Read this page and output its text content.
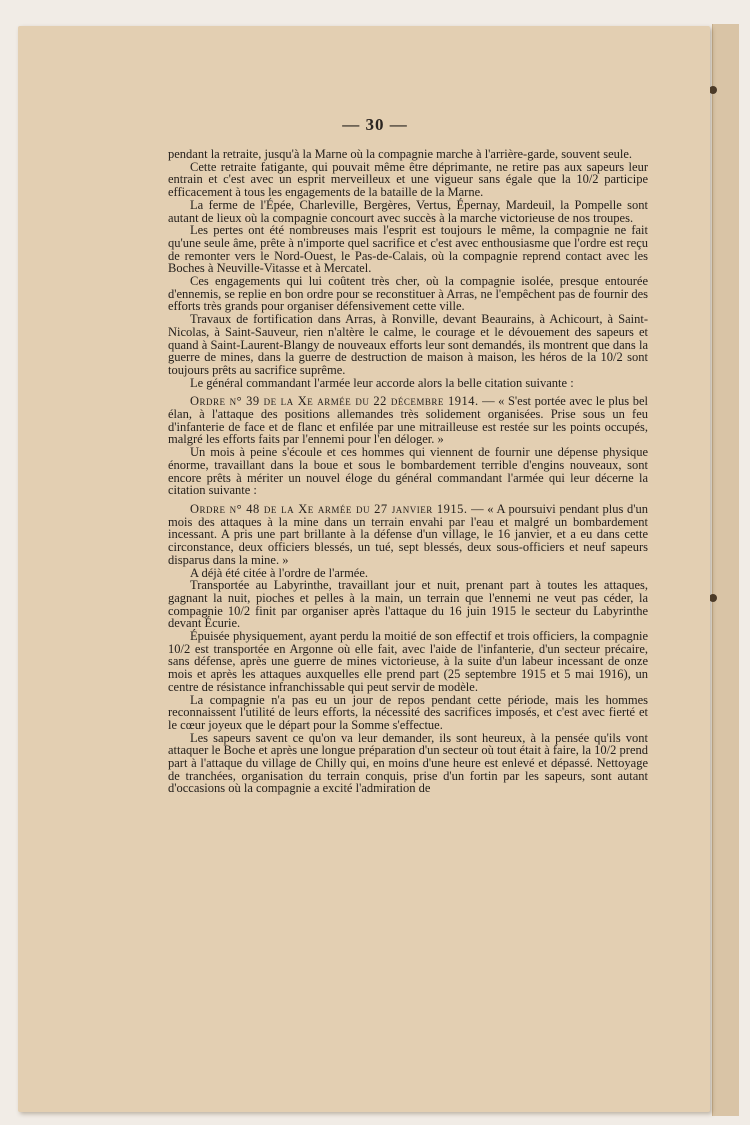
— 30 —

pendant la retraite, jusqu'à la Marne où la compagnie marche à l'arrière-garde, souvent seule.

Cette retraite fatigante, qui pouvait même être déprimante, ne retire pas aux sapeurs leur entrain et c'est avec un esprit merveilleux et une vigueur sans égale que la 10/2 participe efficacement à tous les engagements de la bataille de la Marne.

La ferme de l'Épée, Charleville, Bergères, Vertus, Épernay, Mardeuil, la Pompelle sont autant de lieux où la compagnie concourt avec succès à la marche victorieuse de nos troupes.

Les pertes ont été nombreuses mais l'esprit est toujours le même, la compagnie ne fait qu'une seule âme, prête à n'importe quel sacrifice et c'est avec enthousiasme que l'ordre est reçu de remonter vers le Nord-Ouest, le Pas-de-Calais, où la compagnie reprend contact avec les Boches à Neuville-Vitasse et à Mercatel.

Ces engagements qui lui coûtent très cher, où la compagnie isolée, presque entourée d'ennemis, se replie en bon ordre pour se reconstituer à Arras, ne l'empêchent pas de fournir des efforts très grands pour organiser défensivement cette ville.

Travaux de fortification dans Arras, à Ronville, devant Beaurains, à Achicourt, à Saint-Nicolas, à Saint-Sauveur, rien n'altère le calme, le courage et le dévouement des sapeurs et quand à Saint-Laurent-Blangy de nouveaux efforts leur sont demandés, ils montrent que dans la guerre de mines, dans la guerre de destruction de maison à maison, les héros de la 10/2 sont toujours prêts au sacrifice suprême.

Le général commandant l'armée leur accorde alors la belle citation suivante :

Ordre n° 39 de la Xe armée du 22 décembre 1914. — « S'est portée avec le plus bel élan, à l'attaque des positions allemandes très solidement organisées. Prise sous un feu d'infanterie de face et de flanc et enfilée par une mitrailleuse est restée sur les points occupés, malgré les efforts faits par l'ennemi pour l'en déloger. »

Un mois à peine s'écoule et ces hommes qui viennent de fournir une dépense physique énorme, travaillant dans la boue et sous le bombardement terrible d'engins nouveaux, sont encore prêts à mériter un nouvel éloge du général commandant l'armée qui leur décerne la citation suivante :

Ordre n° 48 de la Xe armée du 27 janvier 1915. — « A poursuivi pendant plus d'un mois des attaques à la mine dans un terrain envahi par l'eau et malgré un bombardement incessant. A pris une part brillante à la défense d'un village, le 16 janvier, et a eu dans cette circonstance, deux officiers blessés, un tué, sept blessés, deux sous-officiers et neuf sapeurs disparus dans la mine. »

A déjà été citée à l'ordre de l'armée.

Transportée au Labyrinthe, travaillant jour et nuit, prenant part à toutes les attaques, gagnant la nuit, pioches et pelles à la main, un terrain que l'ennemi ne veut pas céder, la compagnie 10/2 finit par organiser après l'attaque du 16 juin 1915 le secteur du Labyrinthe devant Écurie.

Épuisée physiquement, ayant perdu la moitié de son effectif et trois officiers, la compagnie 10/2 est transportée en Argonne où elle fait, avec l'aide de l'infanterie, d'un secteur précaire, sans défense, après une guerre de mines victorieuse, à la suite d'un labeur incessant de onze mois et après les attaques auxquelles elle prend part (25 septembre 1915 et 5 mai 1916), un centre de résistance infranchissable qui peut servir de modèle.

La compagnie n'a pas eu un jour de repos pendant cette période, mais les hommes reconnaissent l'utilité de leurs efforts, la nécessité des sacrifices imposés, et c'est avec fierté et le cœur joyeux que le départ pour la Somme s'effectue.

Les sapeurs savent ce qu'on va leur demander, ils sont heureux, à la pensée qu'ils vont attaquer le Boche et après une longue préparation d'un secteur où tout était à faire, la 10/2 prend part à l'attaque du village de Chilly qui, en moins d'une heure est enlevé et dépassé. Nettoyage de tranchées, organisation du terrain conquis, prise d'un fortin par les sapeurs, sont autant d'occasions où la compagnie a excité l'admiration de
